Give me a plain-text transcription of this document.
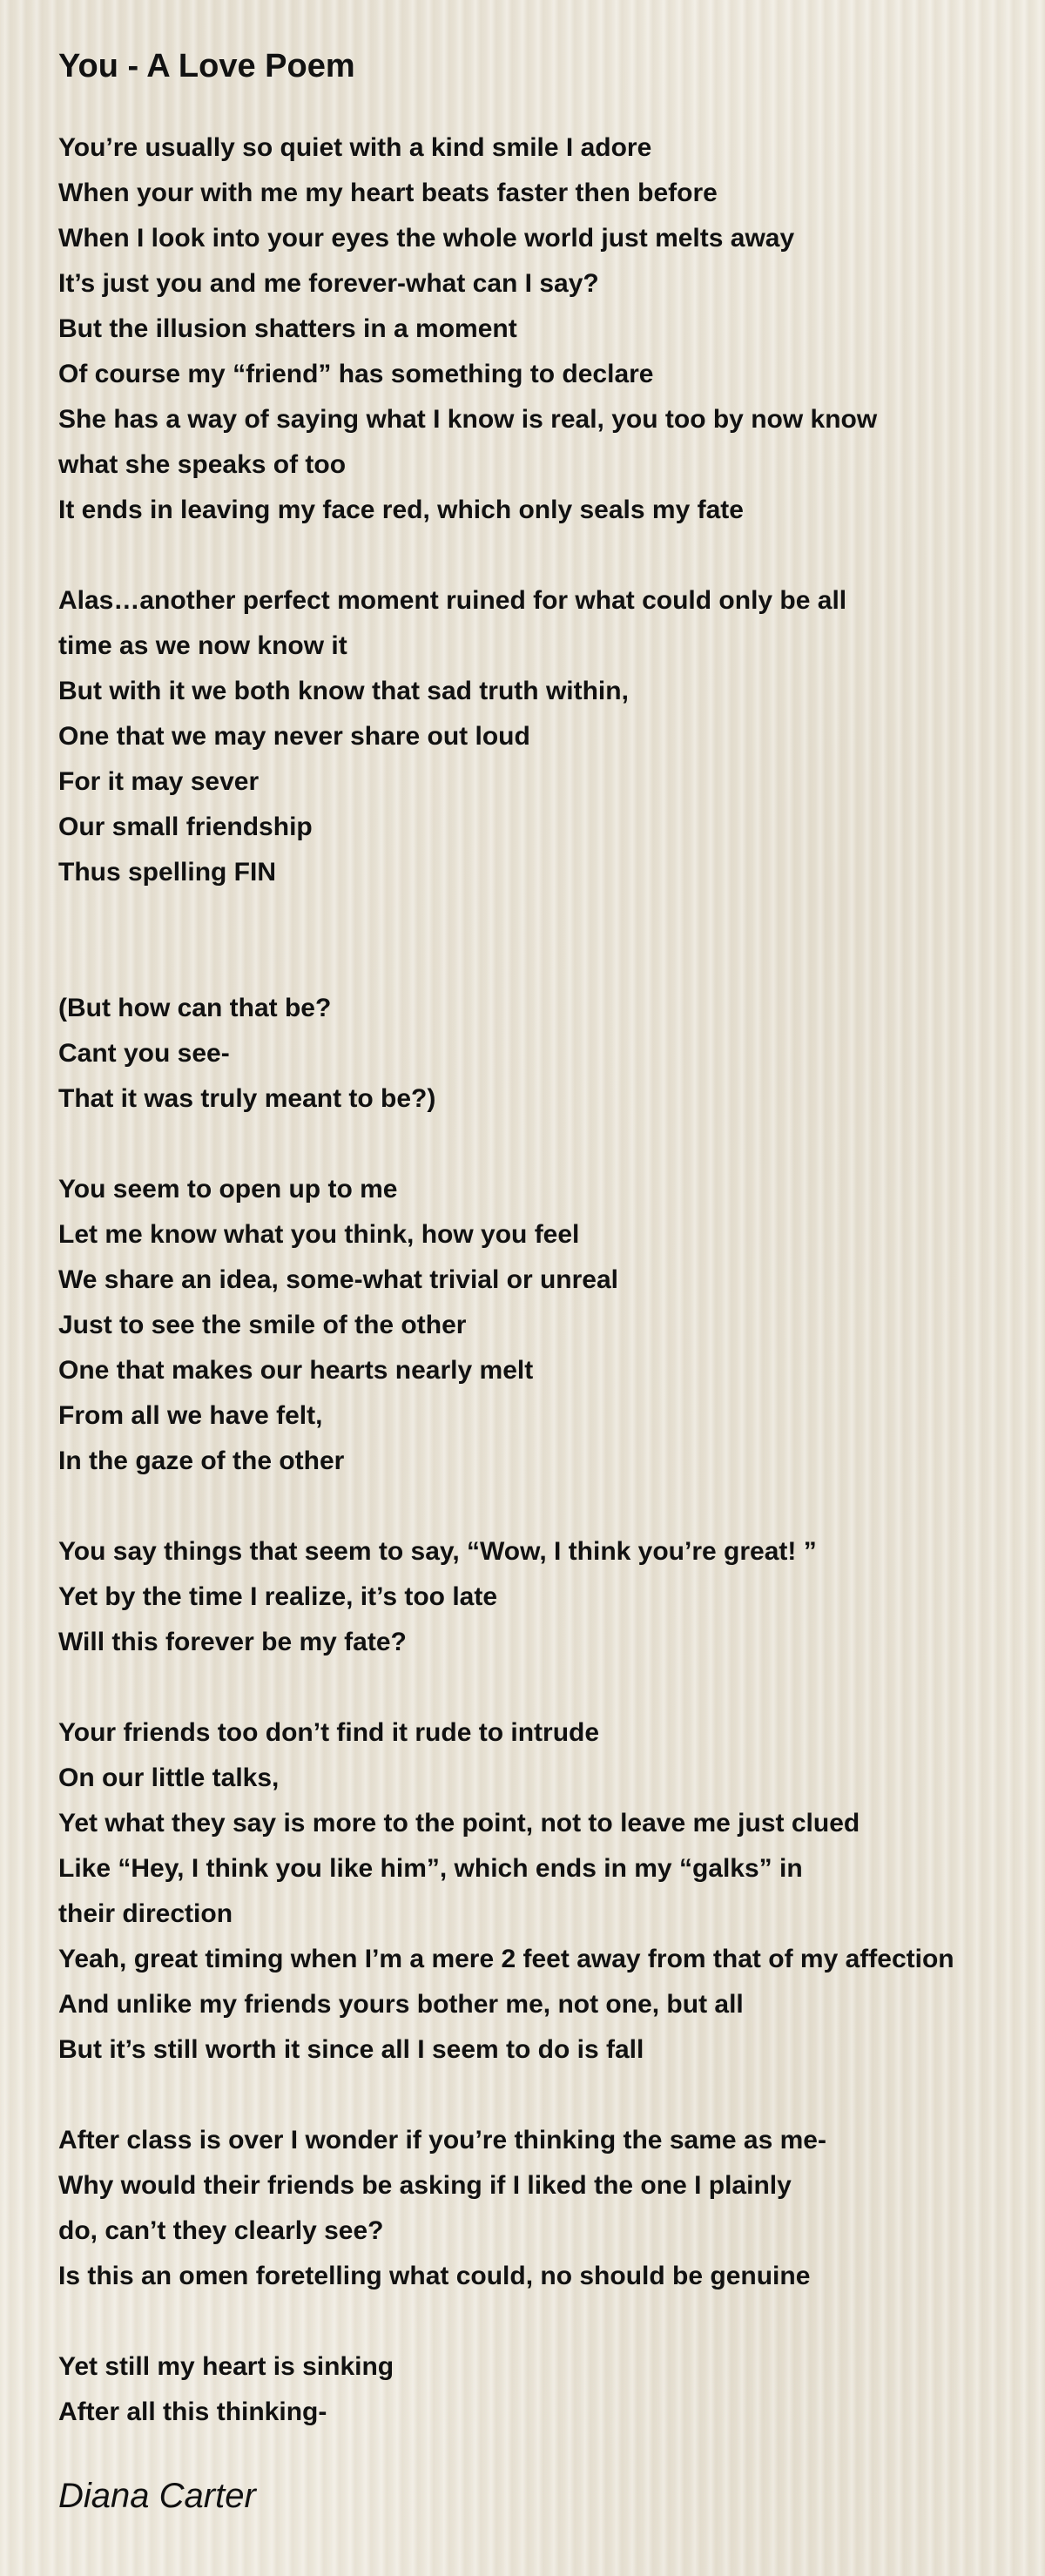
You - A Love Poem
You’re usually so quiet with a kind smile I adore
When your with me my heart beats faster then before
When I look into your eyes the whole world just melts away
It’s just you and me forever-what can I say?
But the illusion shatters in a moment
Of course my “friend” has something to declare
She has a way of saying what I know is real, you too by now know
what she speaks of too
It ends in leaving my face red, which only seals my fate
Alas…another perfect moment ruined for what could only be all
time as we now know it
But with it we both know that sad truth within,
One that we may never share out loud
For it may sever
Our small friendship
Thus spelling FIN
(But how can that be?
Cant you see-
That it was truly meant to be?)
You seem to open up to me
Let me know what you think, how you feel
We share an idea, some-what trivial or unreal
Just to see the smile of the other
One that makes our hearts nearly melt
From all we have felt,
In the gaze of the other
You say things that seem to say, “Wow, I think you’re great! ”
Yet by the time I realize, it’s too late
Will this forever be my fate?
Your friends too don’t find it rude to intrude
On our little talks,
Yet what they say is more to the point, not to leave me just clued
Like “Hey, I think you like him”, which ends in my “galks” in
their direction
Yeah, great timing when I’m a mere 2 feet away from that of my affection
And unlike my friends yours bother me, not one, but all
But it’s still worth it since all I seem to do is fall
After class is over I wonder if you’re thinking the same as me-
Why would their friends be asking if I liked the one I plainly
do, can’t they clearly see?
Is this an omen foretelling what could, no should be genuine
Yet still my heart is sinking
After all this thinking-
Diana Carter
